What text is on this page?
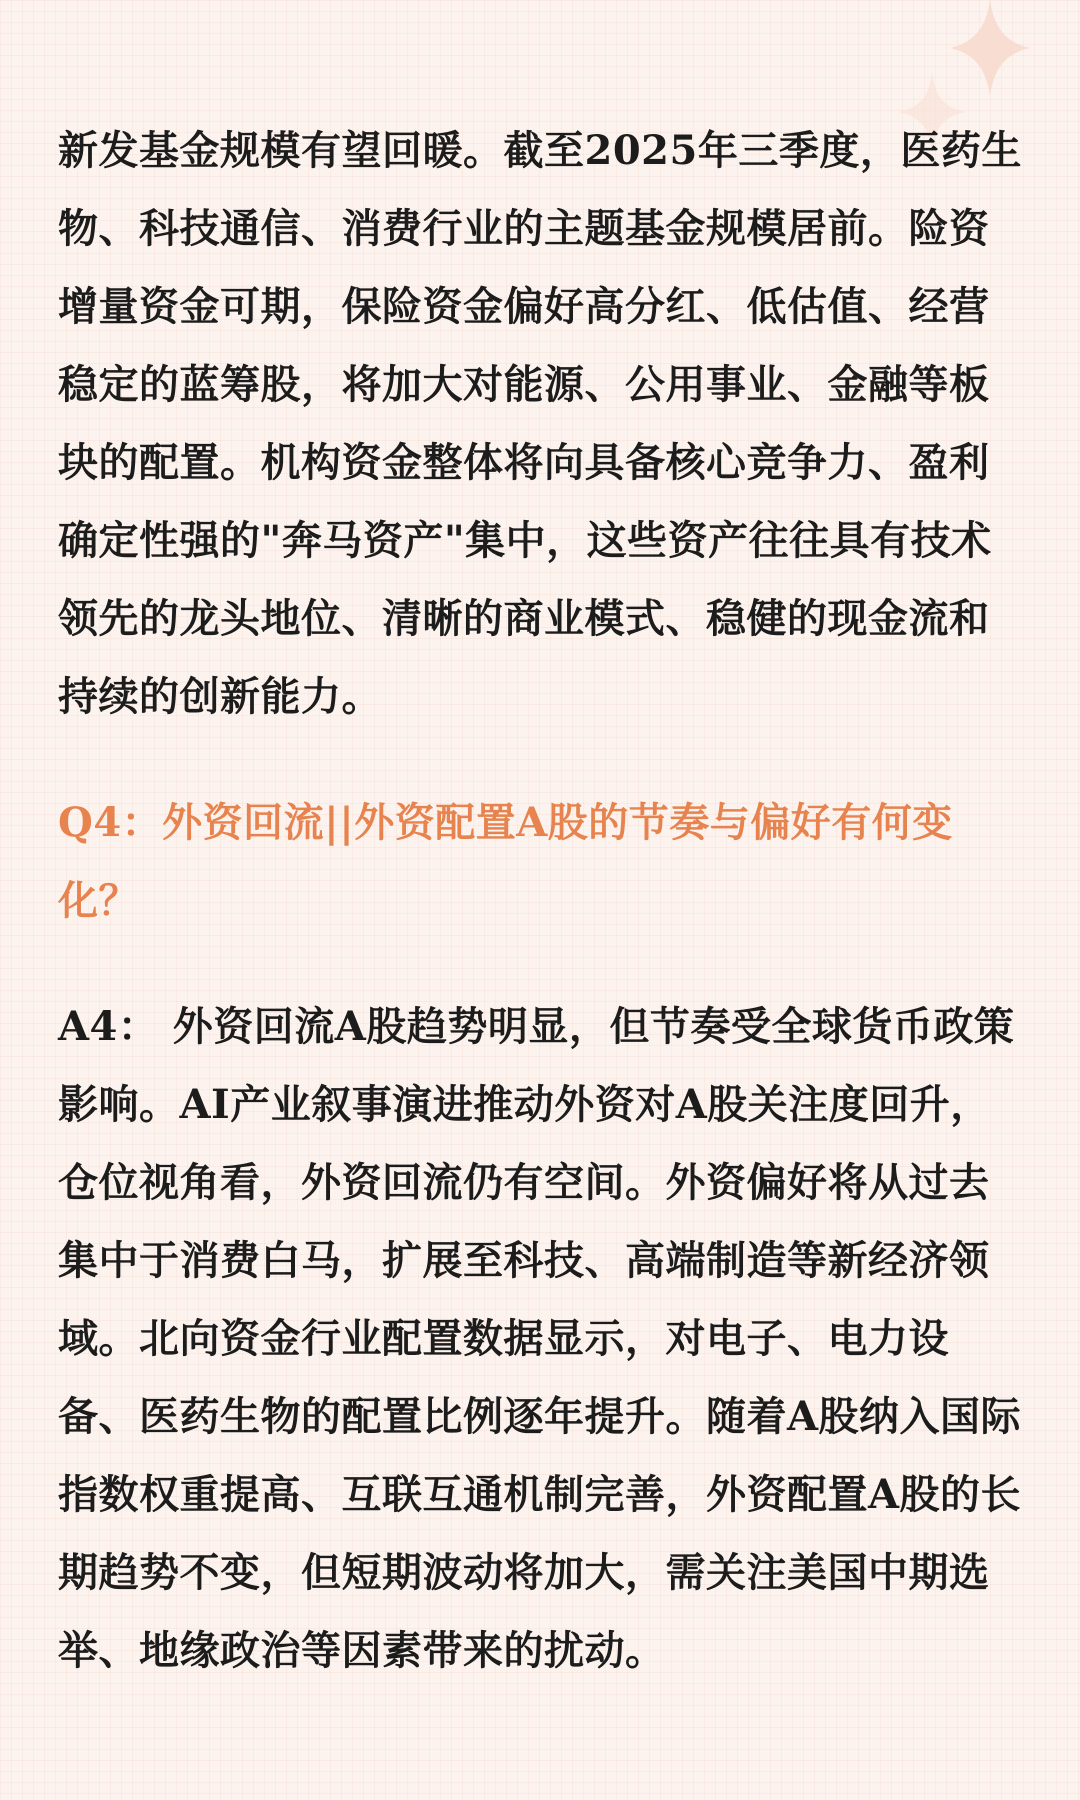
新发基金规模有望回暖。截至2025年三季度，医药生物、科技通信、消费行业的主题基金规模居前。险资增量资金可期，保险资金偏好高分红、低估值、经营稳定的蓝筹股，将加大对能源、公用事业、金融等板块的配置。机构资金整体将向具备核心竞争力、盈利确定性强的"奔马资产"集中，这些资产往往具有技术领先的龙头地位、清晰的商业模式、稳健的现金流和持续的创新能力。

Q4：外资回流||外资配置A股的节奏与偏好有何变化？

A4： 外资回流A股趋势明显，但节奏受全球货币政策影响。AI产业叙事演进推动外资对A股关注度回升，仓位视角看，外资回流仍有空间。外资偏好将从过去集中于消费白马，扩展至科技、高端制造等新经济领域。北向资金行业配置数据显示，对电子、电力设备、医药生物的配置比例逐年提升。随着A股纳入国际指数权重提高、互联互通机制完善，外资配置A股的长期趋势不变，但短期波动将加大，需关注美国中期选举、地缘政治等因素带来的扰动。
